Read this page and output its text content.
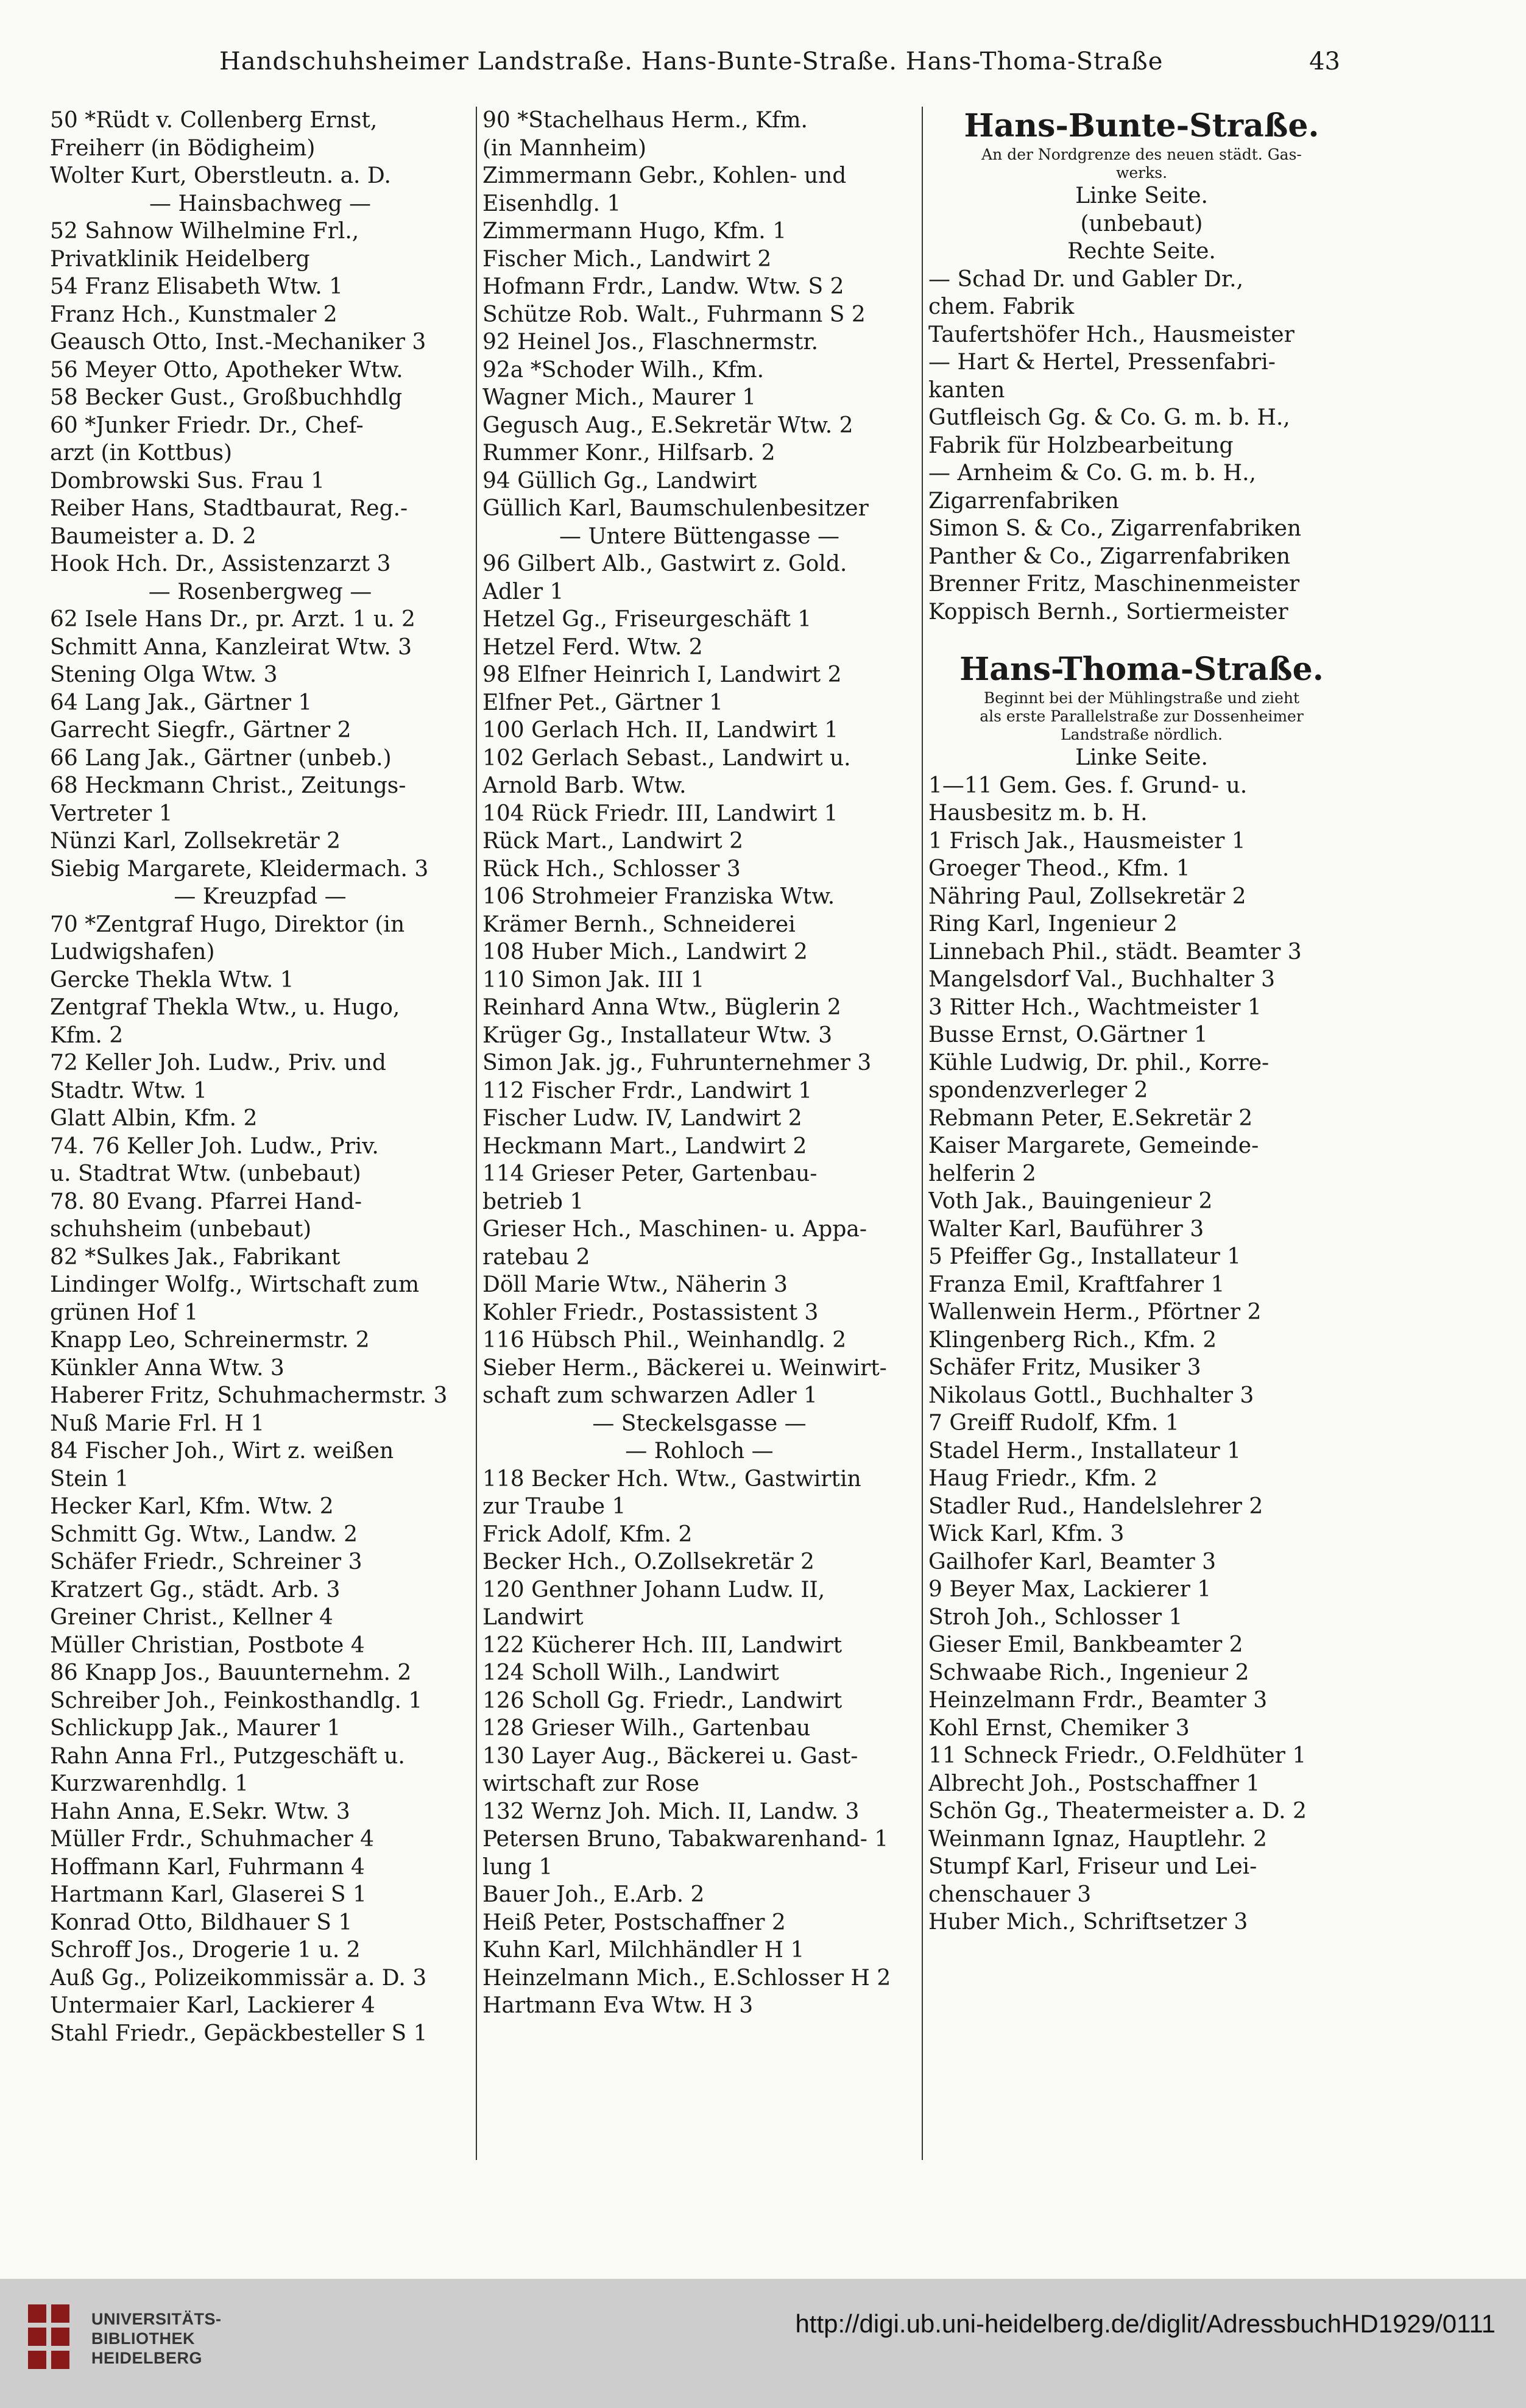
Handschuhsheimer Landstraße. Hans-Bunte-Straße. Hans-Thoma-Straße	43
50 *Rüdt v. Collenberg Ernst,
Freiherr (in Bödigheim)
Wolter Kurt, Oberstleutn. a. D.
— Hainsbachweg —
52 Sahnow Wilhelmine Frl.,
Privatklinik Heidelberg
54 Franz Elisabeth Wtw. 1
Franz Hch., Kunstmaler 2
Geausch Otto, Inst.-Mechaniker 3
56 Meyer Otto, Apotheker Wtw.
58 Becker Gust., Großbuchhdlg
60 *Junker Friedr. Dr., Chef-
arzt (in Kottbus)
Dombrowski Sus. Frau 1
Reiber Hans, Stadtbaurat, Reg.-
Baumeister a. D. 2
Hook Hch. Dr., Assistenzarzt 3
— Rosenbergweg —
62 Isele Hans Dr., pr. Arzt. 1 u. 2
Schmitt Anna, Kanzleirat Wtw. 3
Stening Olga Wtw. 3
64 Lang Jak., Gärtner 1
Garrecht Siegfr., Gärtner 2
66 Lang Jak., Gärtner (unbeb.)
68 Heckmann Christ., Zeitungs-
Vertreter 1
Nünzi Karl, Zollsekretär 2
Siebig Margarete, Kleidermach. 3
— Kreuzpfad —
70 *Zentgraf Hugo, Direktor (in
Ludwigshafen)
Gercke Thekla Wtw. 1
Zentgraf Thekla Wtw., u. Hugo,
Kfm. 2
72 Keller Joh. Ludw., Priv. und
Stadtr. Wtw. 1
Glatt Albin, Kfm. 2
74. 76 Keller Joh. Ludw., Priv.
u. Stadtrat Wtw. (unbebaut)
78. 80 Evang. Pfarrei Hand-
schuhsheim (unbebaut)
82 *Sulkes Jak., Fabrikant
Lindinger Wolfg., Wirtschaft zum
grünen Hof 1
Knapp Leo, Schreinermstr. 2
Künkler Anna Wtw. 3
Haberer Fritz, Schuhmachermstr. 3
Nuß Marie Frl. H 1
84 Fischer Joh., Wirt z. weißen
Stein 1
Hecker Karl, Kfm. Wtw. 2
Schmitt Gg. Wtw., Landw. 2
Schäfer Friedr., Schreiner 3
Kratzert Gg., städt. Arb. 3
Greiner Christ., Kellner 4
Müller Christian, Postbote 4
86 Knapp Jos., Bauunternehm. 2
Schreiber Joh., Feinkosthandlg. 1
Schlickupp Jak., Maurer 1
Rahn Anna Frl., Putzgeschäft u.
Kurzwarenhdlg. 1
Hahn Anna, E.Sekr. Wtw. 3
Müller Frdr., Schuhmacher 4
Hoffmann Karl, Fuhrmann 4
Hartmann Karl, Glaserei S 1
Konrad Otto, Bildhauer S 1
Schroff Jos., Drogerie 1 u. 2
Auß Gg., Polizeikommissär a. D. 3
Untermaier Karl, Lackierer 4
Stahl Friedr., Gepäckbesteller S 1
90 *Stachelhaus Herm., Kfm.
(in Mannheim)
Zimmermann Gebr., Kohlen- und
Eisenhdlg. 1
Zimmermann Hugo, Kfm. 1
Fischer Mich., Landwirt 2
Hofmann Frdr., Landw. Wtw. S 2
Schütze Rob. Walt., Fuhrmann S 2
92 Heinel Jos., Flaschnermstr.
92a *Schoder Wilh., Kfm.
Wagner Mich., Maurer 1
Gegusch Aug., E.Sekretär Wtw. 2
Rummer Konr., Hilfsarb. 2
94 Güllich Gg., Landwirt
Güllich Karl, Baumschulenbesitzer
— Untere Büttengasse —
96 Gilbert Alb., Gastwirt z. Gold.
Adler 1
Hetzel Gg., Friseurgeschäft 1
Hetzel Ferd. Wtw. 2
98 Elfner Heinrich I, Landwirt 2
Elfner Pet., Gärtner 1
100 Gerlach Hch. II, Landwirt 1
102 Gerlach Sebast., Landwirt u.
Arnold Barb. Wtw.
104 Rück Friedr. III, Landwirt 1
Rück Mart., Landwirt 2
Rück Hch., Schlosser 3
106 Strohmeier Franziska Wtw.
Krämer Bernh., Schneiderei
108 Huber Mich., Landwirt 2
110 Simon Jak. III 1
Reinhard Anna Wtw., Büglerin 2
Krüger Gg., Installateur Wtw. 3
Simon Jak. jg., Fuhrunternehmer 3
112 Fischer Frdr., Landwirt 1
Fischer Ludw. IV, Landwirt 2
Heckmann Mart., Landwirt 2
114 Grieser Peter, Gartenbau-
betrieb 1
Grieser Hch., Maschinen- u. Appa-
ratebau 2
Döll Marie Wtw., Näherin 3
Kohler Friedr., Postassistent 3
116 Hübsch Phil., Weinhandlg. 2
Sieber Herm., Bäckerei u. Weinwirt-
schaft zum schwarzen Adler 1
— Steckelsgasse —
— Rohloch —
118 Becker Hch. Wtw., Gastwirtin
zur Traube 1
Frick Adolf, Kfm. 2
Becker Hch., O.Zollsekretär 2
120 Genthner Johann Ludw. II,
Landwirt
122 Kücherer Hch. III, Landwirt
124 Scholl Wilh., Landwirt
126 Scholl Gg. Friedr., Landwirt
128 Grieser Wilh., Gartenbau
130 Layer Aug., Bäckerei u. Gast-
wirtschaft zur Rose
132 Wernz Joh. Mich. II, Landw. 3
Petersen Bruno, Tabakwarenhand- 1
lung 1
Bauer Joh., E.Arb. 2
Heiß Peter, Postschaffner 2
Kuhn Karl, Milchhändler H 1
Heinzelmann Mich., E.Schlosser H 2
Hartmann Eva Wtw. H 3
Hans-Bunte-Straße.
An der Nordgrenze des neuen städt. Gas-
werks.
Linke Seite.
(unbebaut)
Rechte Seite.
— Schad Dr. und Gabler Dr.,
chem. Fabrik
Taufertshöfer Hch., Hausmeister
— Hart & Hertel, Pressenfabri-
kanten
Gutfleisch Gg. & Co. G. m. b. H.,
Fabrik für Holzbearbeitung
— Arnheim & Co. G. m. b. H.,
Zigarrenfabriken
Simon S. & Co., Zigarrenfabriken
Panther & Co., Zigarrenfabriken
Brenner Fritz, Maschinenmeister
Koppisch Bernh., Sortiermeister
Hans-Thoma-Straße.
Beginnt bei der Mühlingstraße und zieht
als erste Parallelstraße zur Dossenheimer
Landstraße nördlich.
Linke Seite.
1—11 Gem. Ges. f. Grund- u.
Hausbesitz m. b. H.
1 Frisch Jak., Hausmeister 1
Groeger Theod., Kfm. 1
Nähring Paul, Zollsekretär 2
Ring Karl, Ingenieur 2
Linnebach Phil., städt. Beamter 3
Mangelsdorf Val., Buchhalter 3
3 Ritter Hch., Wachtmeister 1
Busse Ernst, O.Gärtner 1
Kühle Ludwig, Dr. phil., Korre-
spondenzverleger 2
Rebmann Peter, E.Sekretär 2
Kaiser Margarete, Gemeinde-
helferin 2
Voth Jak., Bauingenieur 2
Walter Karl, Bauführer 3
5 Pfeiffer Gg., Installateur 1
Franza Emil, Kraftfahrer 1
Wallenwein Herm., Pförtner 2
Klingenberg Rich., Kfm. 2
Schäfer Fritz, Musiker 3
Nikolaus Gottl., Buchhalter 3
7 Greiff Rudolf, Kfm. 1
Stadel Herm., Installateur 1
Haug Friedr., Kfm. 2
Stadler Rud., Handelslehrer 2
Wick Karl, Kfm. 3
Gailhofer Karl, Beamter 3
9 Beyer Max, Lackierer 1
Stroh Joh., Schlosser 1
Gieser Emil, Bankbeamter 2
Schwaabe Rich., Ingenieur 2
Heinzelmann Frdr., Beamter 3
Kohl Ernst, Chemiker 3
11 Schneck Friedr., O.Feldhüter 1
Albrecht Joh., Postschaffner 1
Schön Gg., Theatermeister a. D. 2
Weinmann Ignaz, Hauptlehr. 2
Stumpf Karl, Friseur und Lei-
chenschauer 3
Huber Mich., Schriftsetzer 3
UNIVERSITÄTS-
BIBLIOTHEK
HEIDELBERG
http://digi.ub.uni-heidelberg.de/diglit/AdressbuchHD1929/0111
